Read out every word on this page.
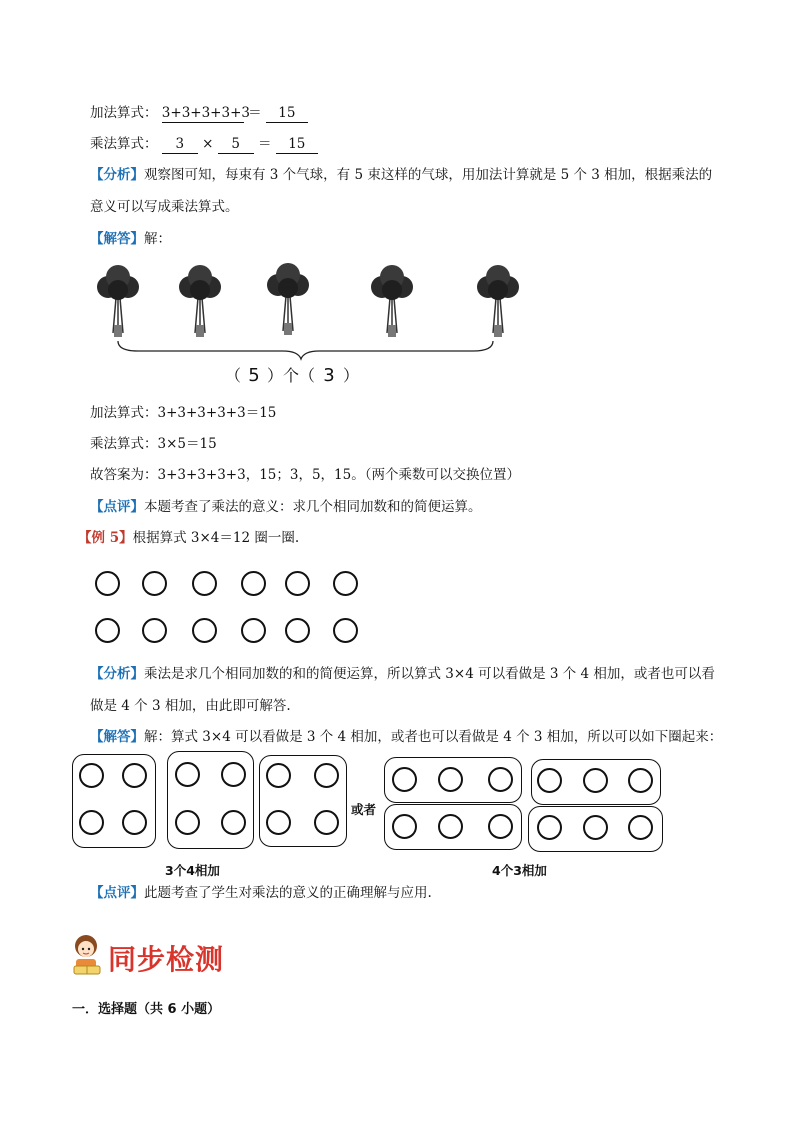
加法算式： 3+3+3+3+3 ＝ 15
乘法算式： 3 × 5 ＝ 15
【分析】观察图可知，每束有 3 个气球，有 5 束这样的气球，用加法计算就是 5 个 3 相加，根据乘法的
意义可以写成乘法算式。
【解答】解：
（ 5 ）个（ 3 ）
加法算式：3+3+3+3+3＝15
乘法算式：3×5＝15
故答案为：3+3+3+3+3，15；3，5，15。（两个乘数可以交换位置）
【点评】本题考查了乘法的意义：求几个相同加数和的简便运算。
【例 5】根据算式 3×4＝12 圈一圈.
【分析】乘法是求几个相同加数的和的简便运算，所以算式 3×4 可以看做是 3 个 4 相加，或者也可以看
做是 4 个 3 相加，由此即可解答.
【解答】解：算式 3×4 可以看做是 3 个 4 相加，或者也可以看做是 4 个 3 相加，所以可以如下圈起来：
或者
3个4相加	4个3相加
【点评】此题考查了学生对乘法的意义的正确理解与应用.
同步检测
一．选择题（共 6 小题）
